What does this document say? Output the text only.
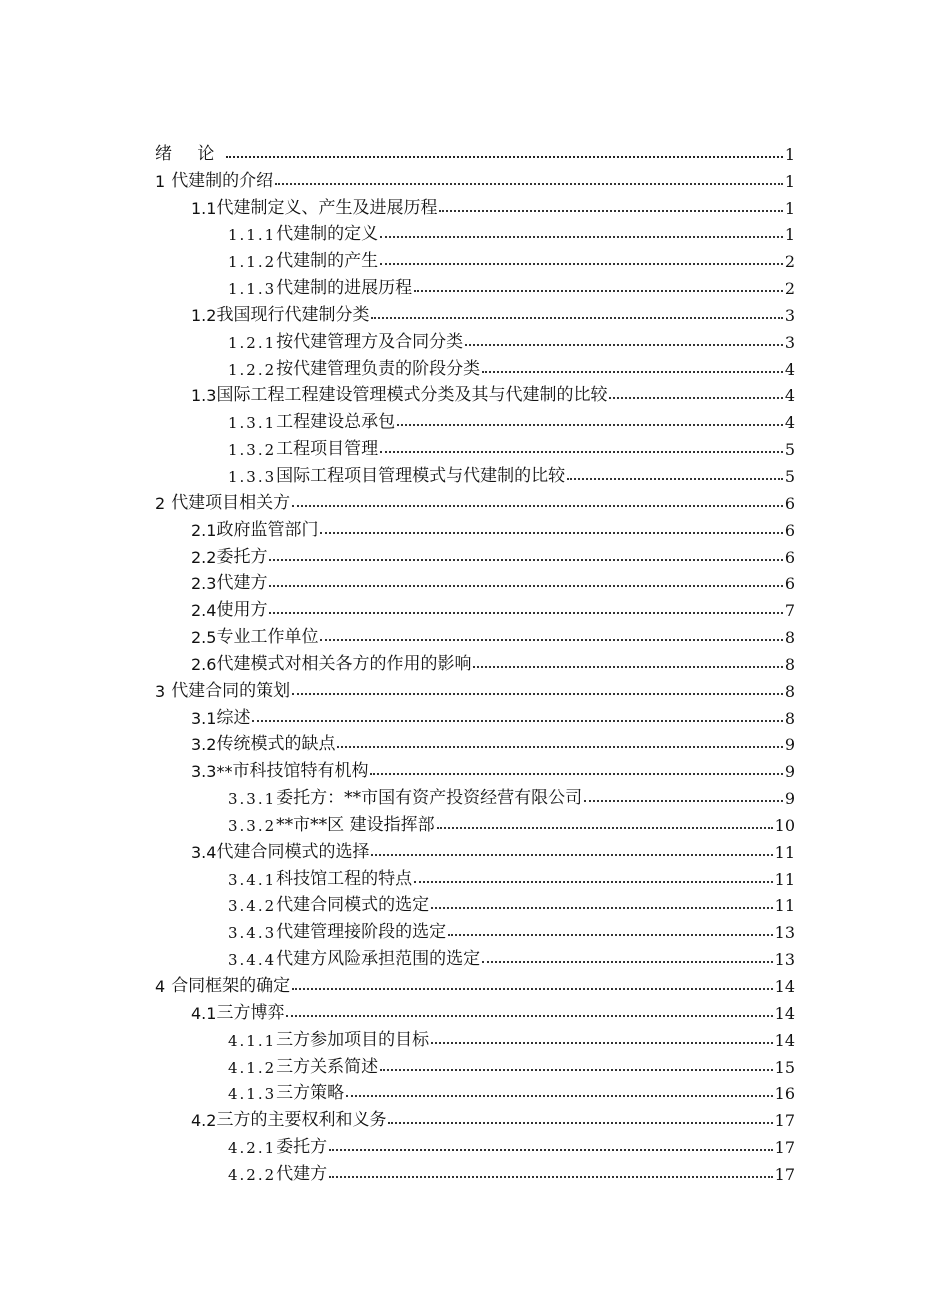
绪 论	1
1 代建制的介绍	1
1.1 代建制定义、产生及进展历程	1
1.1.1 代建制的定义	1
1.1.2 代建制的产生	2
1.1.3 代建制的进展历程	2
1.2 我国现行代建制分类	3
1.2.1 按代建管理方及合同分类	3
1.2.2 按代建管理负责的阶段分类	4
1.3 国际工程工程建设管理模式分类及其与代建制的比较	4
1.3.1 工程建设总承包	4
1.3.2 工程项目管理	5
1.3.3 国际工程项目管理模式与代建制的比较	5
2 代建项目相关方	6
2.1 政府监管部门	6
2.2 委托方	6
2.3 代建方	6
2.4 使用方	7
2.5 专业工作单位	8
2.6 代建模式对相关各方的作用的影响	8
3 代建合同的策划	8
3.1 综述	8
3.2 传统模式的缺点	9
3.3** 市科技馆特有机构	9
3.3.1 委托方：**市国有资产投资经营有限公司	9
3.3.2 **市**区 建设指挥部	10
3.4 代建合同模式的选择	11
3.4.1 科技馆工程的特点	11
3.4.2 代建合同模式的选定	11
3.4.3 代建管理接阶段的选定	13
3.4.4 代建方风险承担范围的选定	13
4 合同框架的确定	14
4.1 三方博弈	14
4.1.1 三方参加项目的目标	14
4.1.2 三方关系简述	15
4.1.3 三方策略	16
4.2 三方的主要权利和义务	17
4.2.1 委托方	17
4.2.2 代建方	17
